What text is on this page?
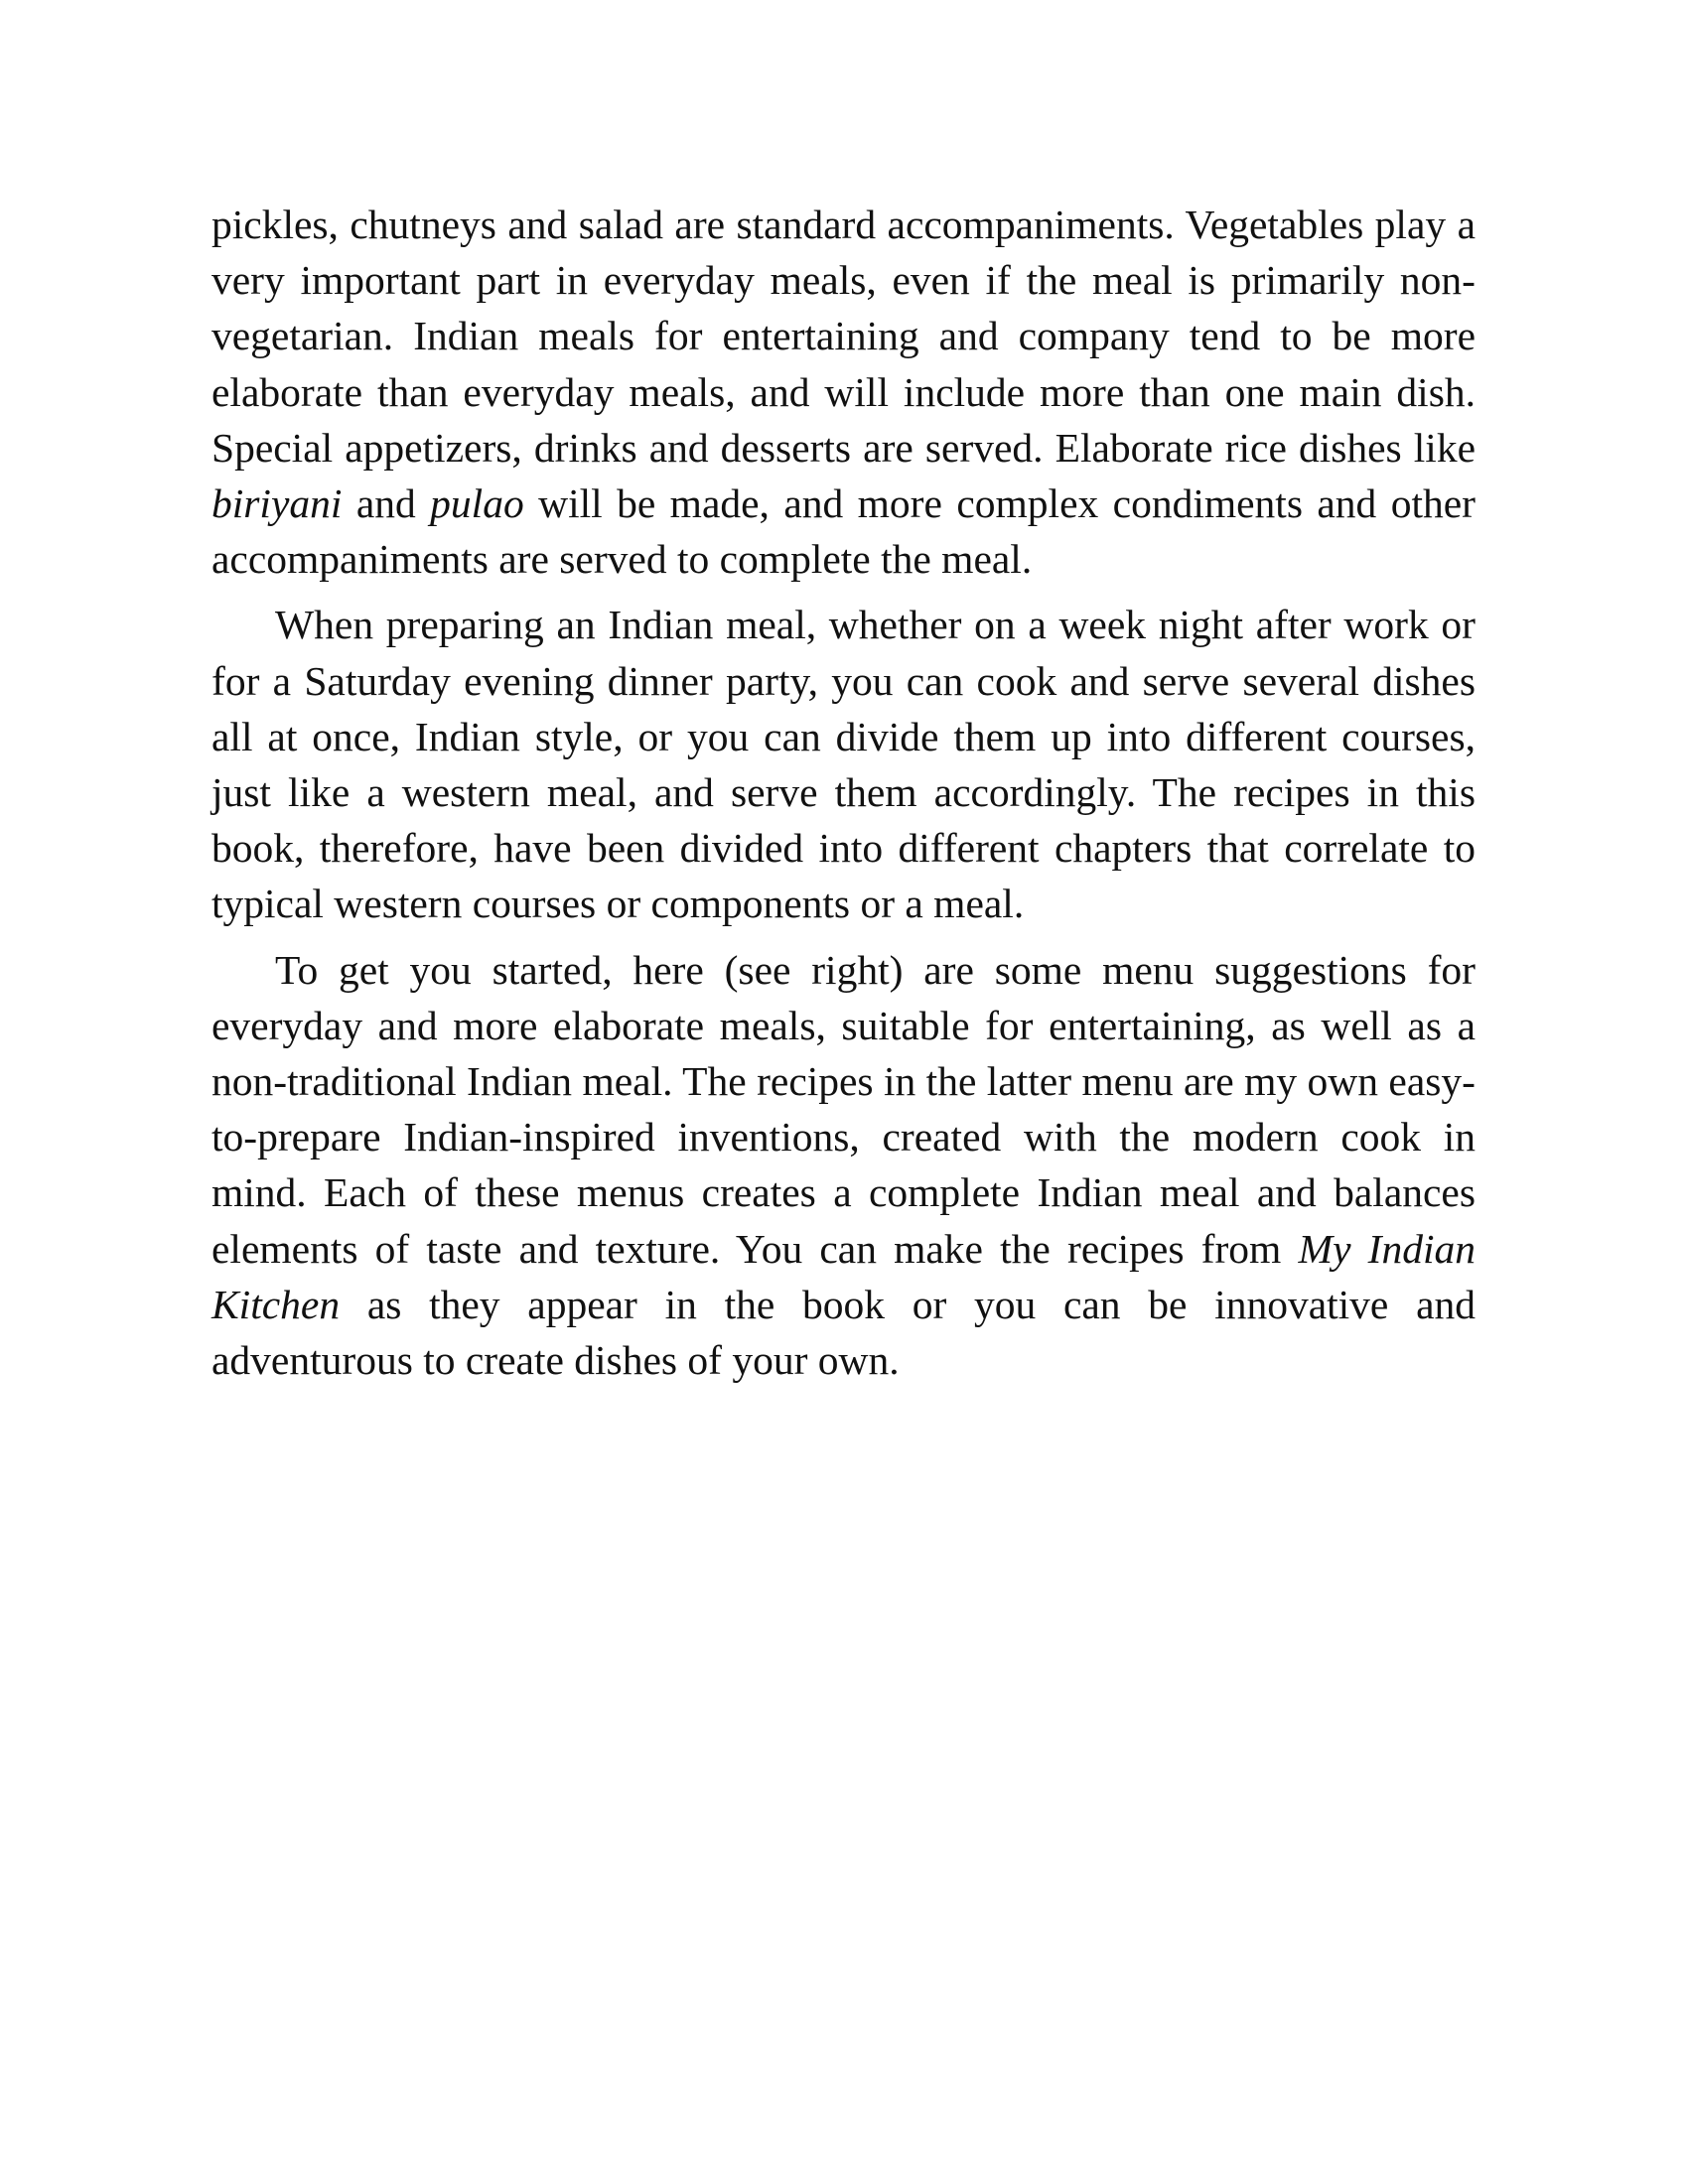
pickles, chutneys and salad are standard accompaniments. Vegetables play a very important part in everyday meals, even if the meal is primarily non-vegetarian. Indian meals for entertaining and company tend to be more elaborate than everyday meals, and will include more than one main dish. Special appetizers, drinks and desserts are served. Elaborate rice dishes like biriyani and pulao will be made, and more complex condiments and other accompaniments are served to complete the meal.

When preparing an Indian meal, whether on a week night after work or for a Saturday evening dinner party, you can cook and serve several dishes all at once, Indian style, or you can divide them up into different courses, just like a western meal, and serve them accordingly. The recipes in this book, therefore, have been divided into different chapters that correlate to typical western courses or components or a meal.

To get you started, here (see right) are some menu suggestions for everyday and more elaborate meals, suitable for entertaining, as well as a non-traditional Indian meal. The recipes in the latter menu are my own easy-to-prepare Indian-inspired inventions, created with the modern cook in mind. Each of these menus creates a complete Indian meal and balances elements of taste and texture. You can make the recipes from My Indian Kitchen as they appear in the book or you can be innovative and adventurous to create dishes of your own.
